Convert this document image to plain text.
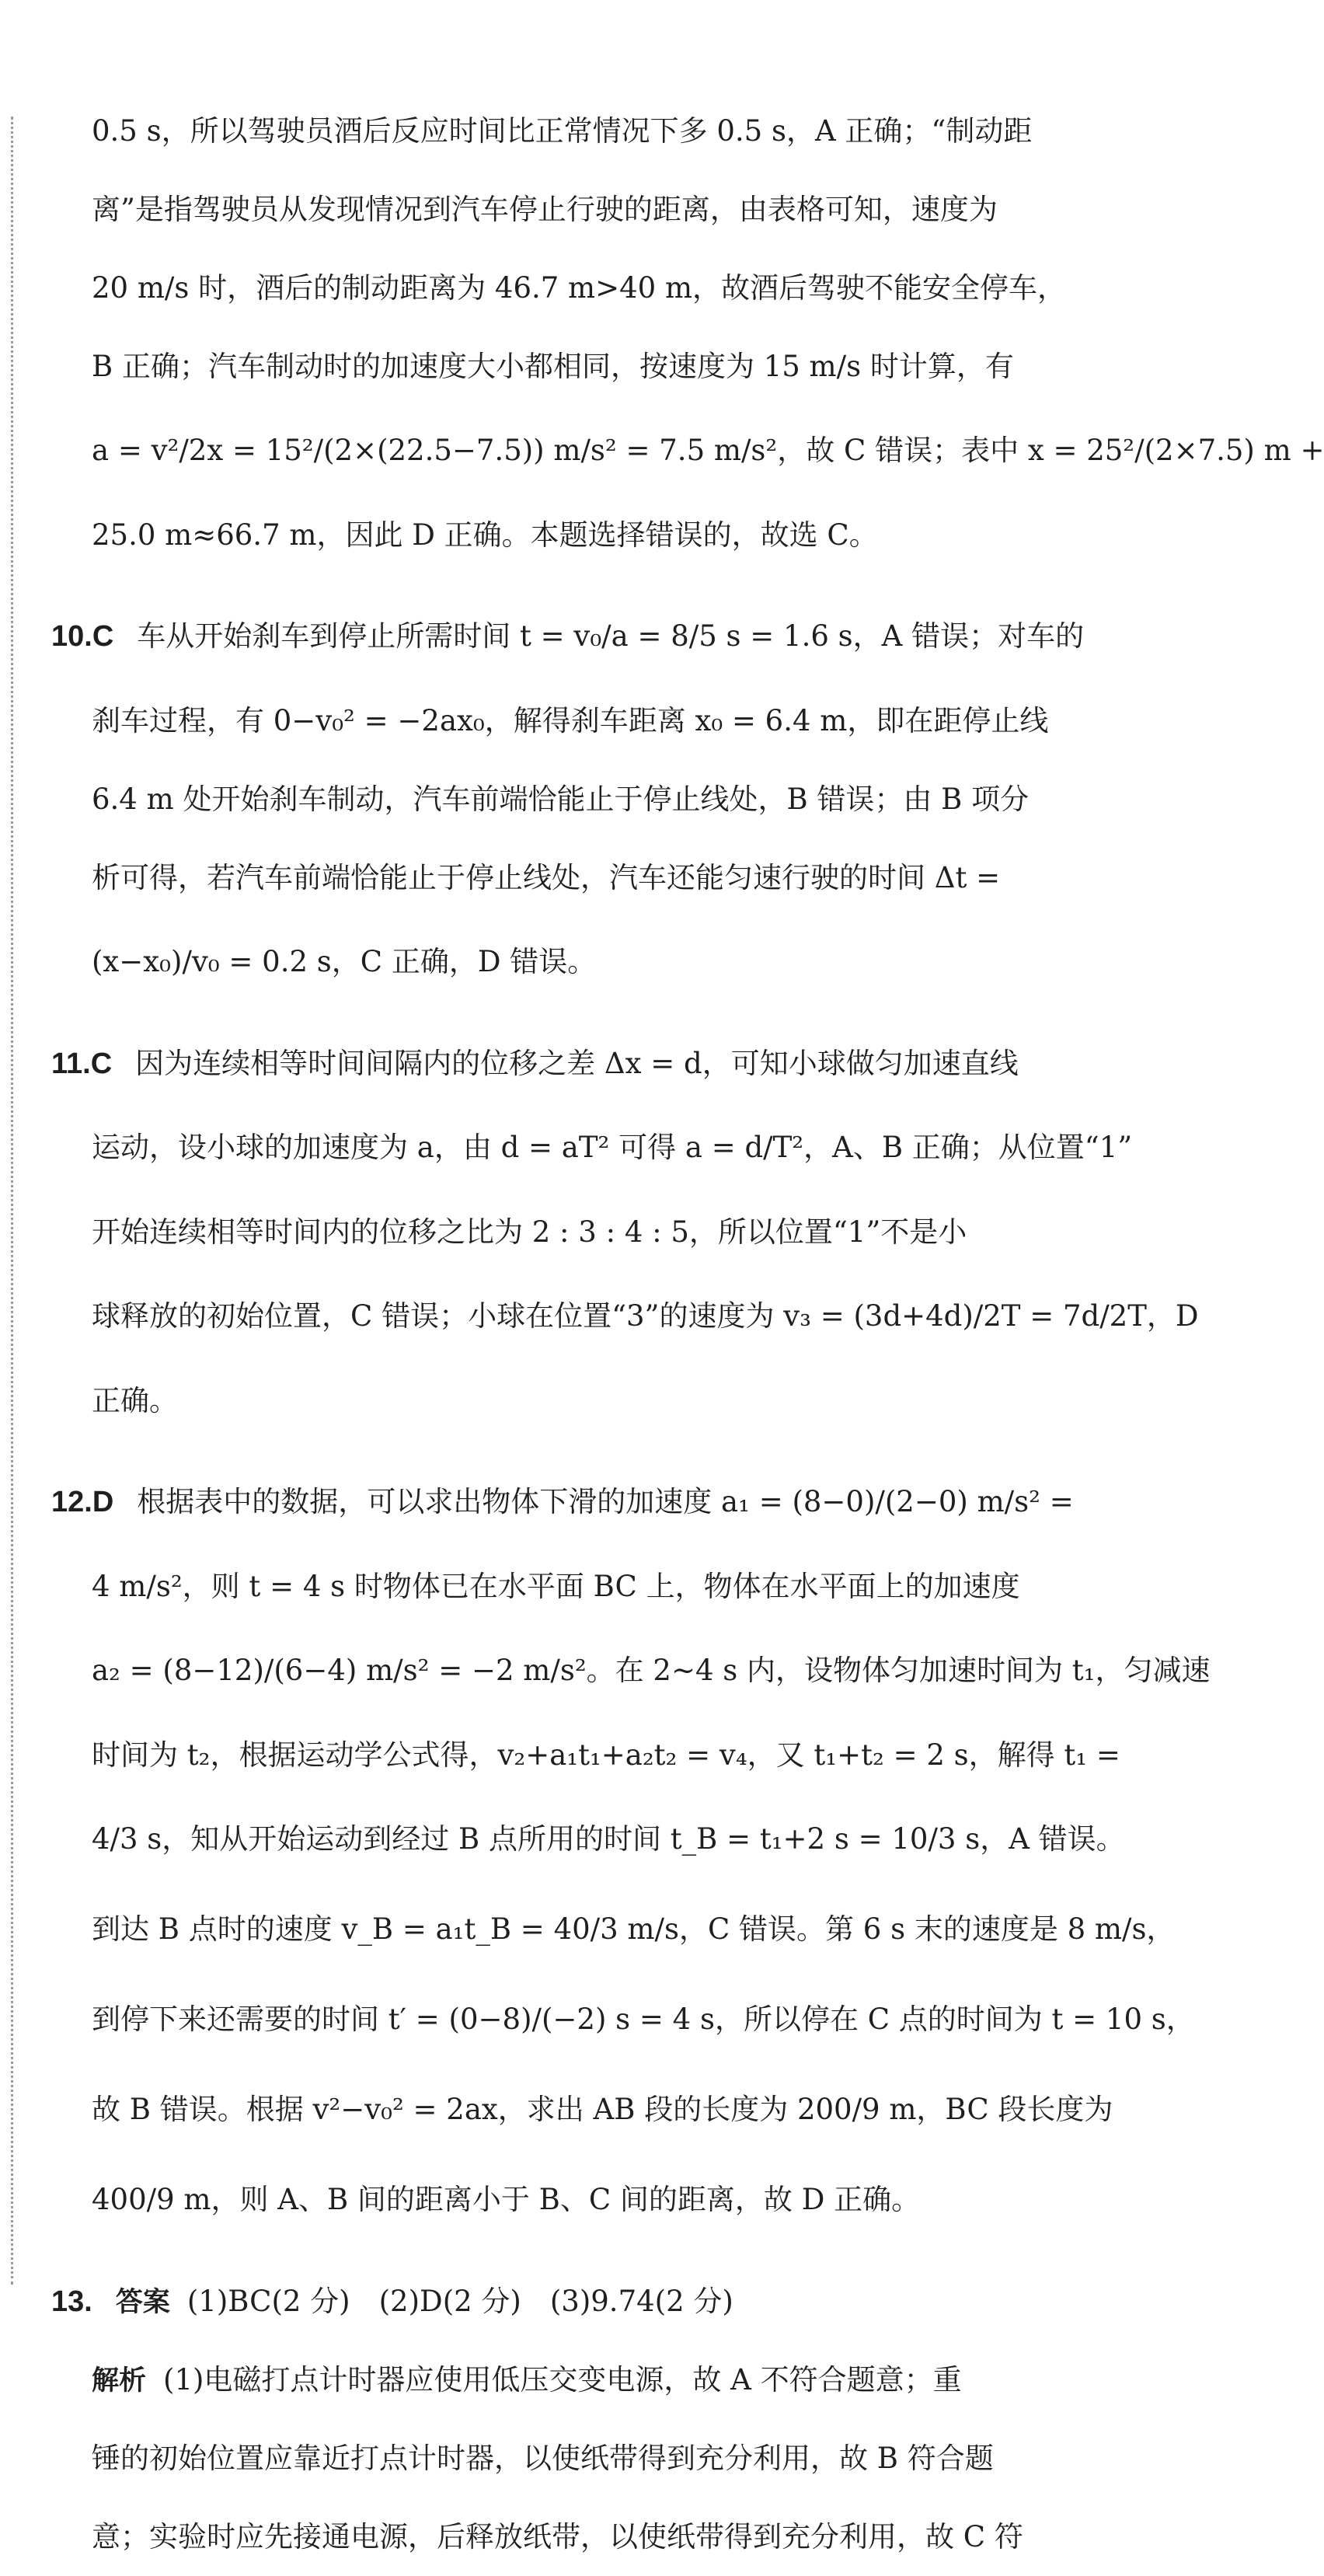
0.5 s，所以驾驶员酒后反应时间比正常情况下多 0.5 s，A 正确；“制动距
离”是指驾驶员从发现情况到汽车停止行驶的距离，由表格可知，速度为
20 m/s 时，酒后的制动距离为 46.7 m>40 m，故酒后驾驶不能安全停车，
B 正确；汽车制动时的加速度大小都相同，按速度为 15 m/s 时计算，有
a = v²/2x = 15²/(2×(22.5−7.5)) m/s² = 7.5 m/s²，故 C 错误；表中 x = 25²/(2×7.5) m +
25.0 m≈66.7 m，因此 D 正确。本题选择错误的，故选 C。
10.C 车从开始刹车到停止所需时间 t = v₀/a = 8/5 s = 1.6 s，A 错误；对车的
刹车过程，有 0−v₀² = −2ax₀，解得刹车距离 x₀ = 6.4 m，即在距停止线
6.4 m 处开始刹车制动，汽车前端恰能止于停止线处，B 错误；由 B 项分
析可得，若汽车前端恰能止于停止线处，汽车还能匀速行驶的时间 Δt =
(x−x₀)/v₀ = 0.2 s，C 正确，D 错误。
11.C 因为连续相等时间间隔内的位移之差 Δx = d，可知小球做匀加速直线
运动，设小球的加速度为 a，由 d = aT² 可得 a = d/T²，A、B 正确；从位置“1”
开始连续相等时间内的位移之比为 2 : 3 : 4 : 5，所以位置“1”不是小
球释放的初始位置，C 错误；小球在位置“3”的速度为 v₃ = (3d+4d)/2T = 7d/2T，D
正确。
12.D 根据表中的数据，可以求出物体下滑的加速度 a₁ = (8−0)/(2−0) m/s² =
4 m/s²，则 t = 4 s 时物体已在水平面 BC 上，物体在水平面上的加速度
a₂ = (8−12)/(6−4) m/s² = −2 m/s²。在 2~4 s 内，设物体匀加速时间为 t₁，匀减速
时间为 t₂，根据运动学公式得，v₂+a₁t₁+a₂t₂ = v₄，又 t₁+t₂ = 2 s，解得 t₁ =
4/3 s，知从开始运动到经过 B 点所用的时间 t_B = t₁+2 s = 10/3 s，A 错误。
到达 B 点时的速度 v_B = a₁t_B = 40/3 m/s，C 错误。第 6 s 末的速度是 8 m/s，
到停下来还需要的时间 t′ = (0−8)/(−2) s = 4 s，所以停在 C 点的时间为 t = 10 s，
故 B 错误。根据 v²−v₀² = 2ax，求出 AB 段的长度为 200/9 m，BC 段长度为
400/9 m，则 A、B 间的距离小于 B、C 间的距离，故 D 正确。
13. 答案 (1)BC(2 分)　(2)D(2 分)　(3)9.74(2 分)
解析 (1)电磁打点计时器应使用低压交变电源，故 A 不符合题意；重
锤的初始位置应靠近打点计时器，以使纸带得到充分利用，故 B 符合题
意；实验时应先接通电源，后释放纸带，以使纸带得到充分利用，故 C 符
